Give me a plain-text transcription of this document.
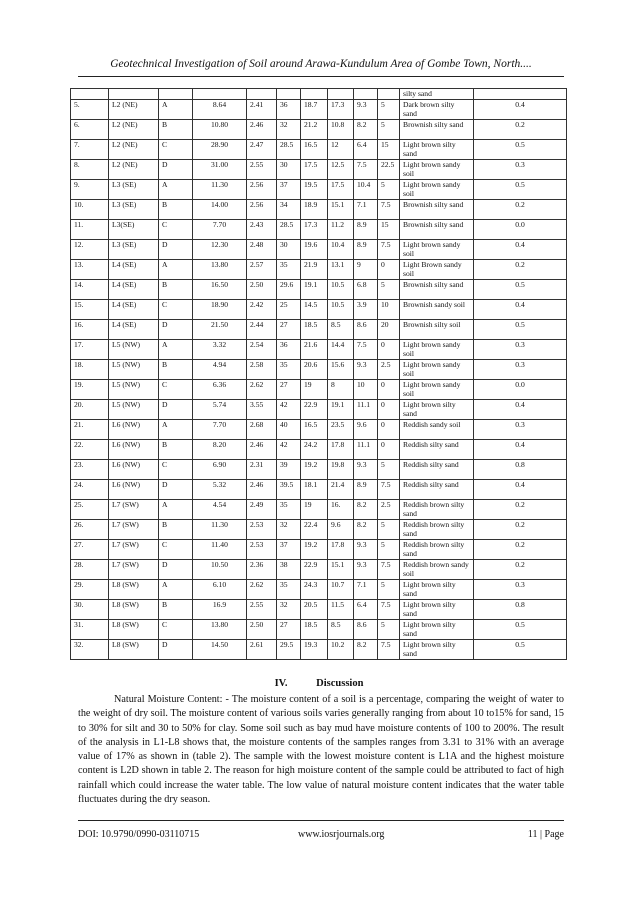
Geotechnical Investigation of Soil around Arawa-Kundulum Area of Gombe Town, North....
										silty sand	
5.	L2 (NE)	A	8.64	2.41	36	18.7	17.3	9.3	5	Dark brown silty sand	0.4
6.	L2 (NE)	B	10.80	2.46	32	21.2	10.8	8.2	5	Brownish silty sand	0.2
7.	L2 (NE)	C	28.90	2.47	28.5	16.5	12	6.4	15	Light brown silty sand	0.5
8.	L2 (NE)	D	31.00	2.55	30	17.5	12.5	7.5	22.5	Light brown sandy soil	0.3
9.	L3 (SE)	A	11.30	2.56	37	19.5	17.5	10.4	5	Light brown sandy soil	0.5
10.	L3 (SE)	B	14.00	2.56	34	18.9	15.1	7.1	7.5	Brownish silty sand	0.2
11.	L3(SE)	C	7.70	2.43	28.5	17.3	11.2	8.9	15	Brownish silty sand	0.0
12.	L3 (SE)	D	12.30	2.48	30	19.6	10.4	8.9	7.5	Light brown sandy soil	0.4
13.	L4 (SE)	A	13.80	2.57	35	21.9	13.1	9	0	Light Brown sandy soil	0.2
14.	L4 (SE)	B	16.50	2.50	29.6	19.1	10.5	6.8	5	Brownish silty sand	0.5
15.	L4 (SE)	C	18.90	2.42	25	14.5	10.5	3.9	10	Brownish sandy soil	0.4
16.	L4 (SE)	D	21.50	2.44	27	18.5	8.5	8.6	20	Brownish silty soil	0.5
17.	L5 (NW)	A	3.32	2.54	36	21.6	14.4	7.5	0	Light brown sandy soil	0.3
18.	L5 (NW)	B	4.94	2.58	35	20.6	15.6	9.3	2.5	Light brown sandy soil	0.3
19.	L5 (NW)	C	6.36	2.62	27	19	8	10	0	Light brown sandy soil	0.0
20.	L5 (NW)	D	5.74	3.55	42	22.9	19.1	11.1	0	Light brown silty sand	0.4
21.	L6 (NW)	A	7.70	2.68	40	16.5	23.5	9.6	0	Reddish sandy soil	0.3
22.	L6 (NW)	B	8.20	2.46	42	24.2	17.8	11.1	0	Reddish silty sand	0.4
23.	L6 (NW)	C	6.90	2.31	39	19.2	19.8	9.3	5	Reddish silty sand	0.8
24.	L6 (NW)	D	5.32	2.46	39.5	18.1	21.4	8.9	7.5	Reddish silty sand	0.4
25.	L7 (SW)	A	4.54	2.49	35	19	16.	8.2	2.5	Reddish brown silty sand	0.2
26.	L7 (SW)	B	11.30	2.53	32	22.4	9.6	8.2	5	Reddish brown silty sand	0.2
27.	L7 (SW)	C	11.40	2.53	37	19.2	17.8	9.3	5	Reddish brown silty sand	0.2
28.	L7 (SW)	D	10.50	2.36	38	22.9	15.1	9.3	7.5	Reddish brown sandy soil	0.2
29.	L8 (SW)	A	6.10	2.62	35	24.3	10.7	7.1	5	Light brown silty sand	0.3
30.	L8 (SW)	B	16.9	2.55	32	20.5	11.5	6.4	7.5	Light brown silty sand	0.8
31.	L8 (SW)	C	13.80	2.50	27	18.5	8.5	8.6	5	Light brown silty sand	0.5
32.	L8 (SW)	D	14.50	2.61	29.5	19.3	10.2	8.2	7.5	Light brown silty sand	0.5
IV. Discussion
Natural Moisture Content: - The moisture content of a soil is a percentage, comparing the weight of water to the weight of dry soil. The moisture content of various soils varies generally ranging from about 10 to15% for sand, 15 to 30% for silt and 30 to 50% for clay. Some soil such as bay mud have moisture contents of 100 to 200%. The result of the analysis in L1-L8 shows that, the moisture contents of the samples ranges from 3.31 to 31% with an average value of 17% as shown in (table 2). The sample with the lowest moisture content is L1A and the highest moisture content is L2D shown in table 2. The reason for high moisture content of the sample could be attributed to fact of high rainfall which could increase the water table. The low value of natural moisture content indicates that the water table fluctuates during the dry season.
DOI: 10.9790/0990-03110715	www.iosrjournals.org	11 | Page
